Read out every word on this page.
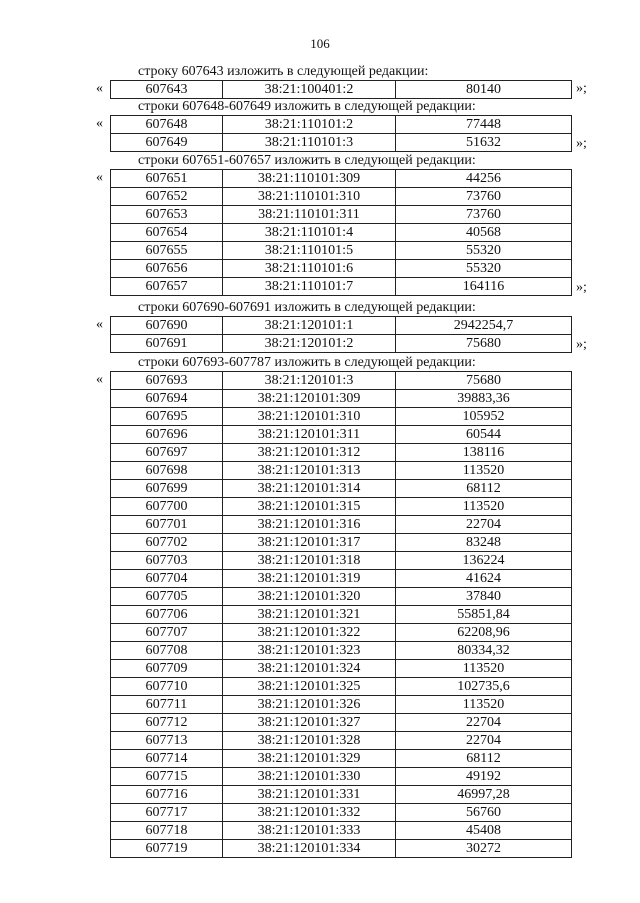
106
строку 607643 изложить в следующей редакции:
«	607643	38:21:100401:2	80140	»;
строки 607648-607649 изложить в следующей редакции:
«	607648	38:21:110101:2	77448
607649	38:21:110101:3	51632	»;
строки 607651-607657 изложить в следующей редакции:
«	607651	38:21:110101:309	44256
607652	38:21:110101:310	73760
607653	38:21:110101:311	73760
607654	38:21:110101:4	40568
607655	38:21:110101:5	55320
607656	38:21:110101:6	55320
607657	38:21:110101:7	164116	»;
строки 607690-607691 изложить в следующей редакции:
«	607690	38:21:120101:1	2942254,7
607691	38:21:120101:2	75680	»;
строки 607693-607787 изложить в следующей редакции:
«	607693	38:21:120101:3	75680
607694	38:21:120101:309	39883,36
607695	38:21:120101:310	105952
607696	38:21:120101:311	60544
607697	38:21:120101:312	138116
607698	38:21:120101:313	113520
607699	38:21:120101:314	68112
607700	38:21:120101:315	113520
607701	38:21:120101:316	22704
607702	38:21:120101:317	83248
607703	38:21:120101:318	136224
607704	38:21:120101:319	41624
607705	38:21:120101:320	37840
607706	38:21:120101:321	55851,84
607707	38:21:120101:322	62208,96
607708	38:21:120101:323	80334,32
607709	38:21:120101:324	113520
607710	38:21:120101:325	102735,6
607711	38:21:120101:326	113520
607712	38:21:120101:327	22704
607713	38:21:120101:328	22704
607714	38:21:120101:329	68112
607715	38:21:120101:330	49192
607716	38:21:120101:331	46997,28
607717	38:21:120101:332	56760
607718	38:21:120101:333	45408
607719	38:21:120101:334	30272
